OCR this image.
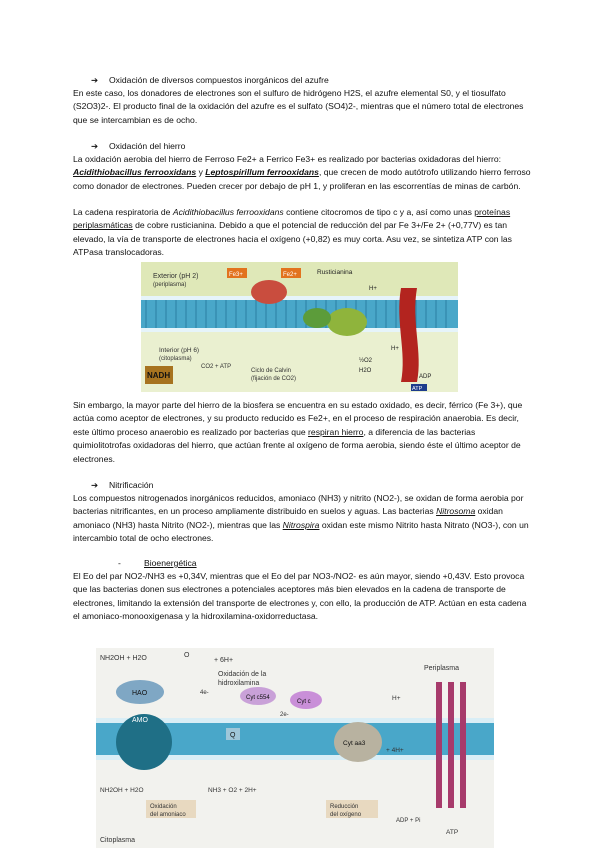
➔ Oxidación de diversos compuestos inorgánicos del azufre

En este caso, los donadores de electrones son el sulfuro de hidrógeno H2S, el azufre elemental S0, y el tiosulfato (S2O3)2-. El producto final de la oxidación del azufre es el sulfato (SO4)2-, mientras que el número total de electrones que se intercambian es de ocho.

➔ Oxidación del hierro

La oxidación aerobia del hierro de Ferroso Fe2+ a Ferrico Fe3+ es realizado por bacterias oxidadoras del hierro: Acidithiobacillus ferrooxidans y Leptospirillum ferrooxidans, que crecen de modo autótrofo utilizando hierro ferroso como donador de electrones. Pueden crecer por debajo de pH 1, y proliferan en las escorrentías de minas de carbón.

La cadena respiratoria de Acidithiobacillus ferrooxidans contiene citocromos de tipo c y a, así como unas proteínas periplasmáticas de cobre rusticianina. Debido a que el potencial de reducción del par Fe 3+/Fe 2+ (+0,77V) es tan elevado, la vía de transporte de electrones hacia el oxígeno (+0,82) es muy corta. Asu vez, se sintetiza ATP con las ATPasa translocadoras.

Exterior (pH 2)
(periplasma)
Fe3+	Fe2+	Rusticianina
H+
Interior (pH 6)
(citoplasma)
CO2 + ATP
Ciclo de Calvin
(fijación de CO2)
NADH
½O2
H2O
H+
ADP
ATP

Sin embargo, la mayor parte del hierro de la biosfera se encuentra en su estado oxidado, es decir, férrico (Fe 3+), que actúa como aceptor de electrones, y su producto reducido es Fe2+, en el proceso de respiración anaerobia. Es decir, este último proceso anaerobio es realizado por bacterias que respiran hierro, a diferencia de las bacterias quimiolitotrofas oxidadoras del hierro, que actúan frente al oxígeno de forma aerobia, siendo éste el último aceptor de electrones.

➔ Nitrificación

Los compuestos nitrogenados inorgánicos reducidos, amoniaco (NH3) y nitrito (NO2-), se oxidan de forma aerobia por bacterias nitrificantes, en un proceso ampliamente distribuido en suelos y aguas. Las bacterias Nitrosoma oxidan amoniaco (NH3) hasta Nitrito (NO2-), mientras que las Nitrospira oxidan este mismo Nitrito hasta Nitrato (NO3-), con un intercambio total de ocho electrones.

-	Bioenergética

El Eo del par NO2-/NH3 es +0,34V, mientras que el Eo del par NO3-/NO2- es aún mayor, siendo +0,43V. Esto provoca que las bacterias donen sus electrones a potenciales aceptores más bien elevados en la cadena de transporte de electrones, limitando la extensión del transporte de electrones y, con ello, la producción de ATP. Actúan en esta cadena el amoniaco-monooxigenasa y la hidroxilamina-oxidorreductasa.

NH2OH + H2O	O
+ 6H+
Oxidación de la
hidroxilamina
Periplasma
HAO	4e-
Cyt c554
Cyt c
2e-
AMO
Q
Cyt aa3
+ 4H+
H+
ATP
ADP + Pi
NH3 + O2 + 2H+
NH2OH + H2O
Oxidación
del amoniaco
Reducción
del oxígeno
Citoplasma
